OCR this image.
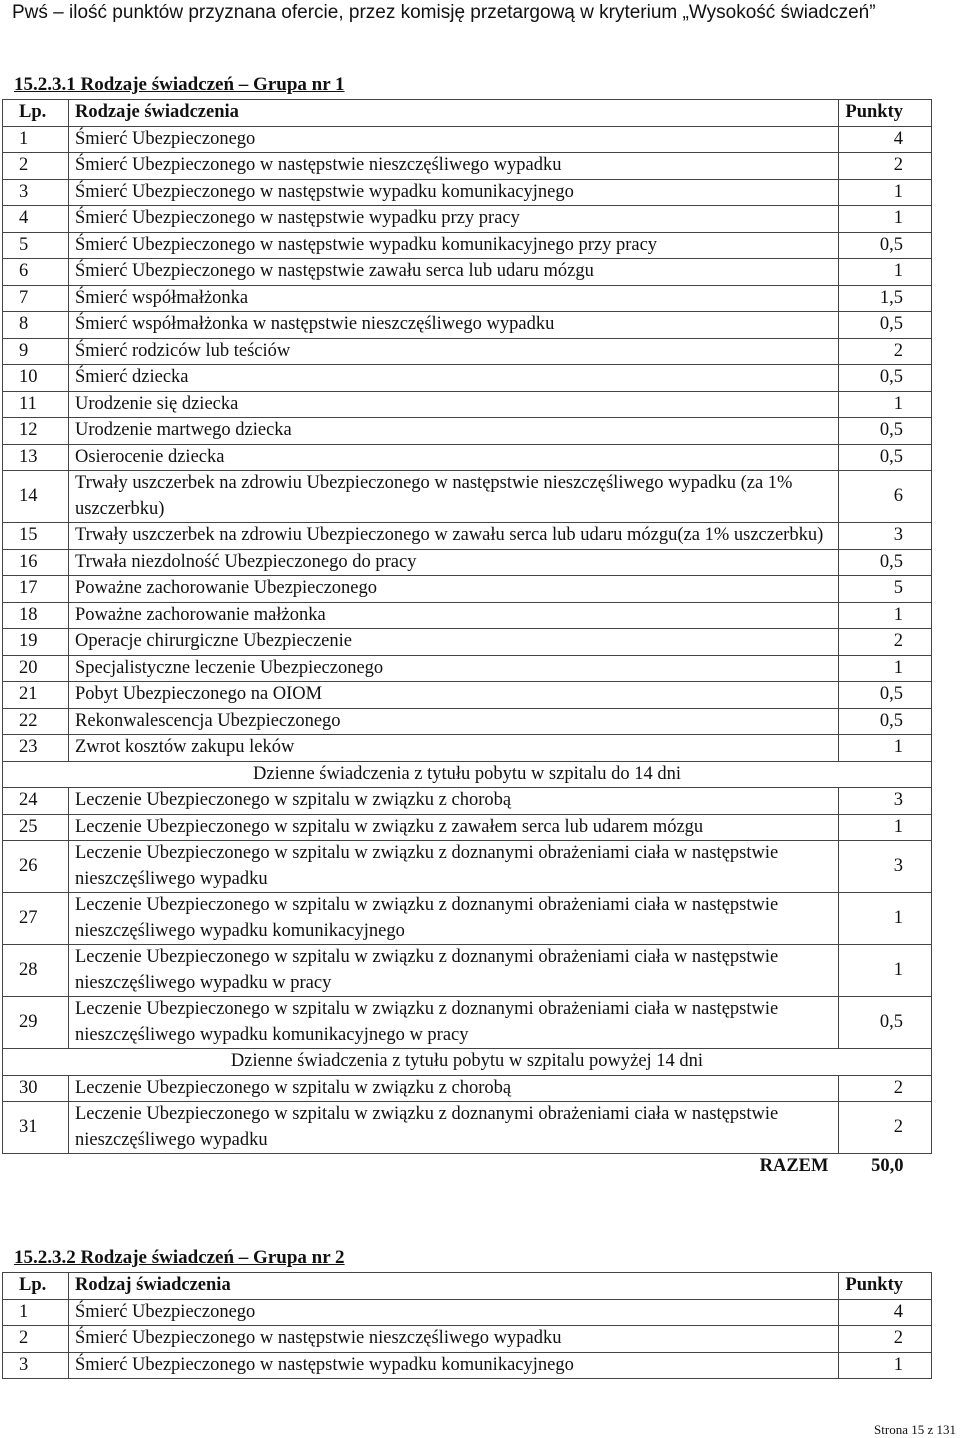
Pwś – ilość punktów przyznana ofercie, przez komisję przetargową w kryterium „Wysokość świadczeń”
15.2.3.1 Rodzaje świadczeń – Grupa nr 1
Lp.	Rodzaje świadczenia	Punkty
1	Śmierć Ubezpieczonego	4
2	Śmierć Ubezpieczonego w następstwie nieszczęśliwego wypadku	2
3	Śmierć Ubezpieczonego w następstwie wypadku komunikacyjnego	1
4	Śmierć Ubezpieczonego w następstwie wypadku przy pracy	1
5	Śmierć Ubezpieczonego w następstwie wypadku komunikacyjnego przy pracy	0,5
6	Śmierć Ubezpieczonego w następstwie zawału serca lub udaru mózgu	1
7	Śmierć współmałżonka	1,5
8	Śmierć współmałżonka w następstwie nieszczęśliwego wypadku	0,5
9	Śmierć rodziców lub teściów	2
10	Śmierć dziecka	0,5
11	Urodzenie się dziecka	1
12	Urodzenie martwego dziecka	0,5
13	Osierocenie dziecka	0,5
14	Trwały uszczerbek na zdrowiu Ubezpieczonego w następstwie nieszczęśliwego wypadku (za 1% uszczerbku)	6
15	Trwały uszczerbek na zdrowiu Ubezpieczonego w zawału serca lub udaru mózgu(za 1% uszczerbku)	3
16	Trwała niezdolność Ubezpieczonego do pracy	0,5
17	Poważne zachorowanie Ubezpieczonego	5
18	Poważne zachorowanie małżonka	1
19	Operacje chirurgiczne Ubezpieczenie	2
20	Specjalistyczne leczenie Ubezpieczonego	1
21	Pobyt Ubezpieczonego na OIOM	0,5
22	Rekonwalescencja Ubezpieczonego	0,5
23	Zwrot kosztów zakupu leków	1
Dzienne świadczenia z tytułu pobytu w szpitalu do 14 dni		
24	Leczenie Ubezpieczonego w szpitalu w związku z chorobą	3
25	Leczenie Ubezpieczonego w szpitalu w związku z zawałem serca lub udarem mózgu	1
26	Leczenie Ubezpieczonego w szpitalu w związku z doznanymi obrażeniami ciała w następstwie nieszczęśliwego wypadku	3
27	Leczenie Ubezpieczonego w szpitalu w związku z doznanymi obrażeniami ciała w następstwie nieszczęśliwego wypadku komunikacyjnego	1
28	Leczenie Ubezpieczonego w szpitalu w związku z doznanymi obrażeniami ciała w następstwie nieszczęśliwego wypadku w pracy	1
29	Leczenie Ubezpieczonego w szpitalu w związku z doznanymi obrażeniami ciała w następstwie nieszczęśliwego wypadku komunikacyjnego w pracy	0,5
Dzienne świadczenia z tytułu pobytu w szpitalu powyżej 14 dni		
30	Leczenie Ubezpieczonego w szpitalu w związku z chorobą	2
31	Leczenie Ubezpieczonego w szpitalu w związku z doznanymi obrażeniami ciała w następstwie nieszczęśliwego wypadku	2
	RAZEM	50,0
15.2.3.2 Rodzaje świadczeń – Grupa nr 2
Lp.	Rodzaj świadczenia	Punkty
1	Śmierć Ubezpieczonego	4
2	Śmierć Ubezpieczonego w następstwie nieszczęśliwego wypadku	2
3	Śmierć Ubezpieczonego w następstwie wypadku komunikacyjnego	1
Strona 15 z 131
